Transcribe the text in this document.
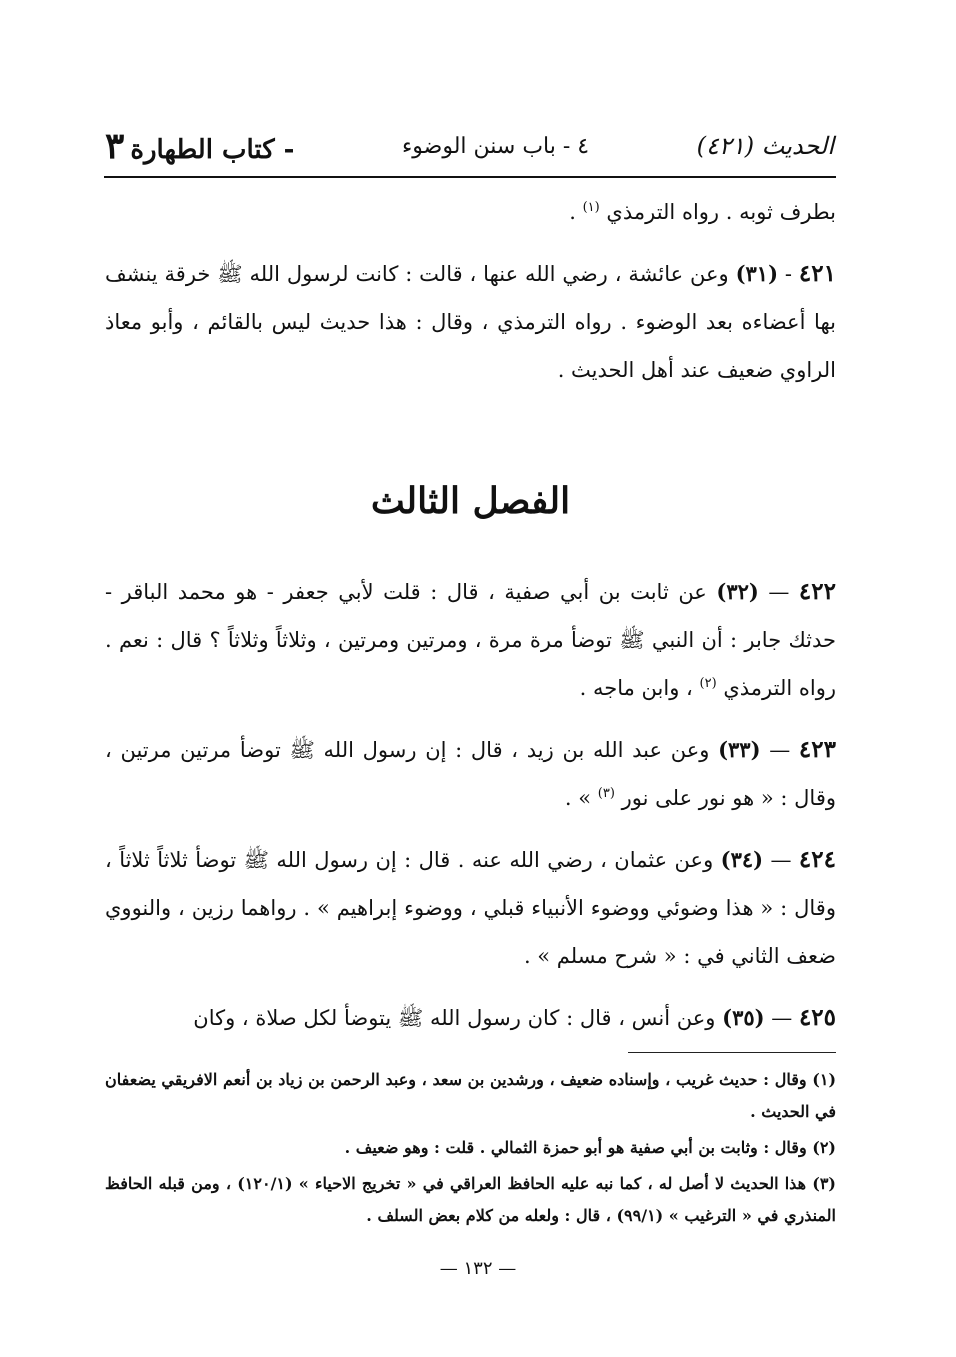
٣ - كتاب الطهارة	٤ - باب سنن الوضوء	الحديث (٤٢١)

بطرف ثوبه . رواه الترمذي $^{(١)}$ .

٤٢١ - (٣١) وعن عائشة ، رضي الله عنها ، قالت : كانت لرسول الله ﷺ خرقة ينشف بها أعضاءه بعد الوضوء . رواه الترمذي ، وقال : هذا حديث ليس بالقائم ، وأبو معاذ الراوي ضعيف عند أهل الحديث .

الفصل الثالث

٤٢٢ — (٣٢) عن ثابت بن أبي صفية ، قال : قلت لأبي جعفر - هو محمد الباقر - حدثك جابر : أن النبي ﷺ توضأ مرة مرة ، ومرتين ومرتين ، وثلاثاً وثلاثاً ؟ قال : نعم . رواه الترمذي $^{(٢)}$ ، وابن ماجه .

٤٢٣ — (٣٣) وعن عبد الله بن زيد ، قال : إن رسول الله ﷺ توضأ مرتين مرتين ، وقال : « هو نور على نور $^{(٣)}$ » .

٤٢٤ — (٣٤) وعن عثمان ، رضي الله عنه . قال : إن رسول الله ﷺ توضأ ثلاثاً ثلاثاً ، وقال : « هذا وضوئي ووضوء الأنبياء قبلي ، ووضوء إبراهيم » . رواهما رزين ، والنووي ضعف الثاني في : « شرح مسلم » .

٤٢٥ — (٣٥) وعن أنس ، قال : كان رسول الله ﷺ يتوضأ لكل صلاة ، وكان

(١) وقال : حديث غريب ، وإسناده ضعيف ، ورشدين بن سعد ، وعبد الرحمن بن زياد بن أنعم الافريقي يضعفان في الحديث .

(٢) وقال : وثابت بن أبي صفية هو أبو حمزة الثمالي . قلت : وهو ضعيف .

(٣) هذا الحديث لا أصل له ، كما نبه عليه الحافظ العراقي في « تخريج الاحياء » (١٢٠/١) ، ومن قبله الحافظ المنذري في « الترغيب » (٩٩/١) ، قال : ولعله من كلام بعض السلف .

— ١٣٢ —
